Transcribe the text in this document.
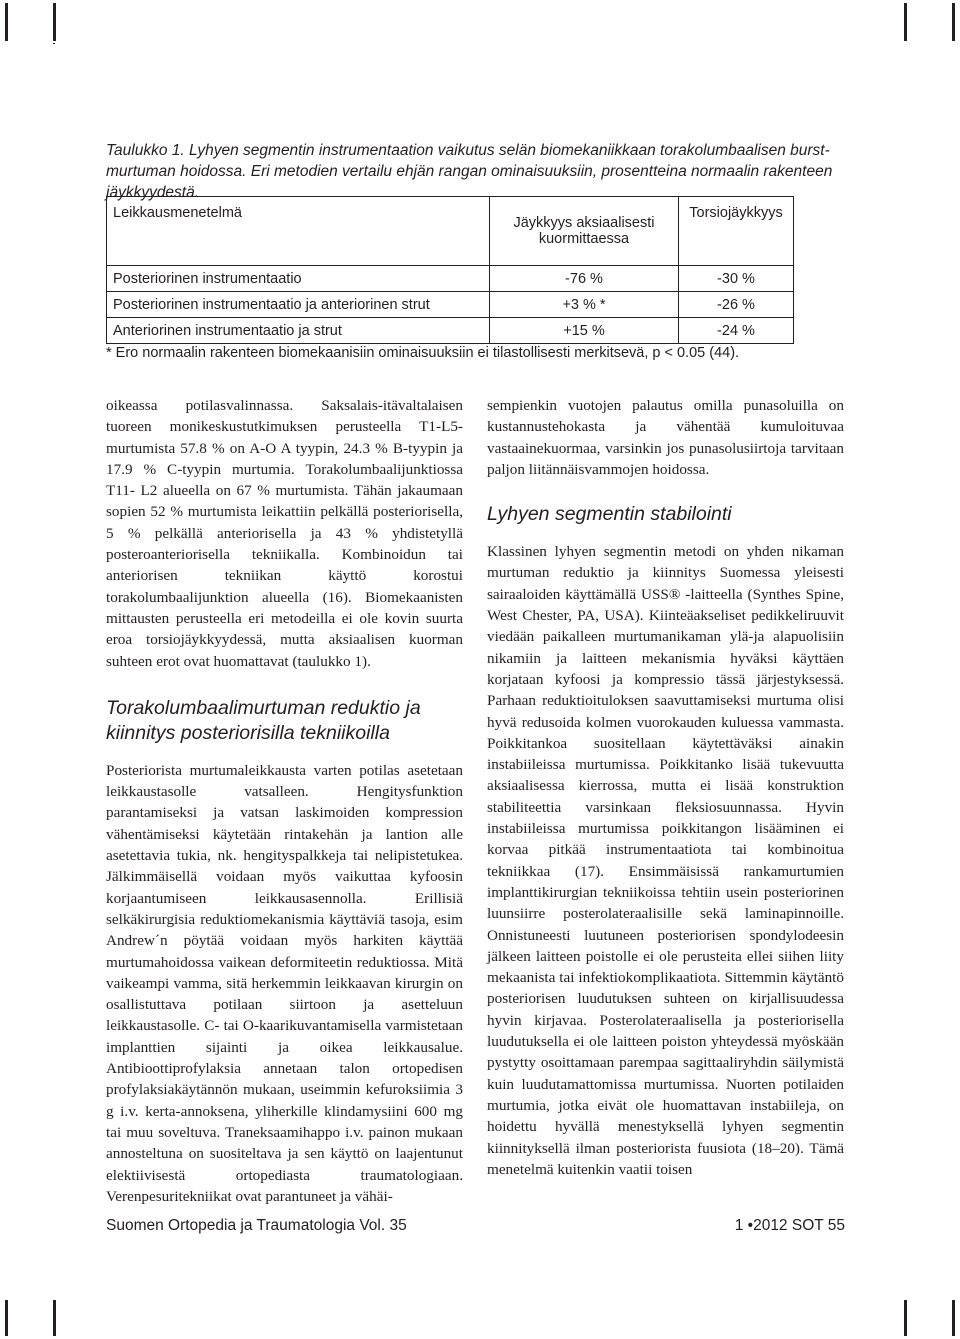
Taulukko 1. Lyhyen segmentin instrumentaation vaikutus selän biomekaniikkaan torakolumbaalisen burst-murtuman hoidossa. Eri metodien vertailu ehjän rangan ominaisuuksiin, prosentteina normaalin rakenteen jäykkyydestä.
Leikkausmenetelmä	Jäykkyys aksiaalisesti kuormittaessa	Torsiojäykkyys
Posteriorinen instrumentaatio	-76 %	-30 %
Posteriorinen instrumentaatio ja anteriorinen strut	+3 % *	-26 %
Anteriorinen instrumentaatio ja strut	+15 %	-24 %
* Ero normaalin rakenteen biomekaanisiin ominaisuuksiin ei tilastollisesti merkitsevä, p < 0.05 (44).

oikeassa potilasvalinnassa. Saksalais-itävaltalaisen tuoreen monikeskustutkimuksen perusteella T1-L5-murtumista 57.8 % on A-O A tyypin, 24.3 % B-tyypin ja 17.9 % C-tyypin murtumia. Torakolumbaalijunktiossa T11- L2 alueella on 67 % murtumista. Tähän jakaumaan sopien 52 % murtumista leikattiin pelkällä posteriorisella, 5 % pelkällä anteriorisella ja 43 % yhdistetyllä posteroanteriorisella tekniikalla. Kombinoidun tai anteriorisen tekniikan käyttö korostui torakolumbaalijunktion alueella (16). Biomekaanisten mittausten perusteella eri metodeilla ei ole kovin suurta eroa torsiojäykkyydessä, mutta aksiaalisen kuorman suhteen erot ovat huomattavat (taulukko 1).

Torakolumbaalimurtuman reduktio ja kiinnitys posteriorisilla tekniikoilla

Posteriorista murtumaleikkausta varten potilas asetetaan leikkaustasolle vatsalleen. Hengitysfunktion parantamiseksi ja vatsan laskimoiden kompression vähentämiseksi käytetään rintakehän ja lantion alle asetettavia tukia, nk. hengityspalkkeja tai nelipistetukea. Jälkimmäisellä voidaan myös vaikuttaa kyfoosin korjaantumiseen leikkausasennolla. Erillisiä selkäkirurgisia reduktiomekanismia käyttäviä tasoja, esim Andrew´n pöytää voidaan myös harkiten käyttää murtumahoidossa vaikean deformiteetin reduktiossa. Mitä vaikeampi vamma, sitä herkemmin leikkaavan kirurgin on osallistuttava potilaan siirtoon ja asetteluun leikkaustasolle. C- tai O-kaarikuvantamisella varmistetaan implanttien sijainti ja oikea leikkausalue. Antibioottiprofylaksia annetaan talon ortopedisen profylaksiakäytännön mukaan, useimmin kefuroksiimia 3 g i.v. kerta-annoksena, yliherkille klindamysiini 600 mg tai muu soveltuva. Traneksaamihappo i.v. painon mukaan annosteltuna on suositeltava ja sen käyttö on laajentunut elektiivisestä ortopediasta traumatologiaan. Verenpesuritekniikat ovat parantuneet ja vähäi-

sempienkin vuotojen palautus omilla punasoluilla on kustannustehokasta ja vähentää kumuloituvaa vastaainekuormaa, varsinkin jos punasolusiirtoja tarvitaan paljon liitännäisvammojen hoidossa.

Lyhyen segmentin stabilointi

Klassinen lyhyen segmentin metodi on yhden nikaman murtuman reduktio ja kiinnitys Suomessa yleisesti sairaaloiden käyttämällä USS® -laitteella (Synthes Spine, West Chester, PA, USA). Kiinteäakseliset pedikkeliruuvit viedään paikalleen murtumanikaman ylä-ja alapuolisiin nikamiin ja laitteen mekanismia hyväksi käyttäen korjataan kyfoosi ja kompressio tässä järjestyksessä. Parhaan reduktioituloksen saavuttamiseksi murtuma olisi hyvä redusoida kolmen vuorokauden kuluessa vammasta. Poikkitankoa suositellaan käytettäväksi ainakin instabiileissa murtumissa. Poikkitanko lisää tukevuutta aksiaalisessa kierrossa, mutta ei lisää konstruktion stabiliteettia varsinkaan fleksiosuunnassa. Hyvin instabiileissa murtumissa poikkitangon lisääminen ei korvaa pitkää instrumentaatiota tai kombinoitua tekniikkaa (17). Ensimmäisissä rankamurtumien implanttikirurgian tekniikoissa tehtiin usein posteriorinen luunsiirre posterolateraalisille sekä laminapinnoille. Onnistuneesti luutuneen posteriorisen spondylodeesin jälkeen laitteen poistolle ei ole perusteita ellei siihen liity mekaanista tai infektiokomplikaatiota. Sittemmin käytäntö posteriorisen luudutuksen suhteen on kirjallisuudessa hyvin kirjavaa. Posterolateraalisella ja posteriorisella luudutuksella ei ole laitteen poiston yhteydessä myöskään pystytty osoittamaan parempaa sagittaaliryhdin säilymistä kuin luudutamattomissa murtumissa. Nuorten potilaiden murtumia, jotka eivät ole huomattavan instabiileja, on hoidettu hyvällä menestyksellä lyhyen segmentin kiinnityksellä ilman posteriorista fuusiota (18–20). Tämä menetelmä kuitenkin vaatii toisen

Suomen Ortopedia ja Traumatologia Vol. 35	1 •2012 SOT 55
